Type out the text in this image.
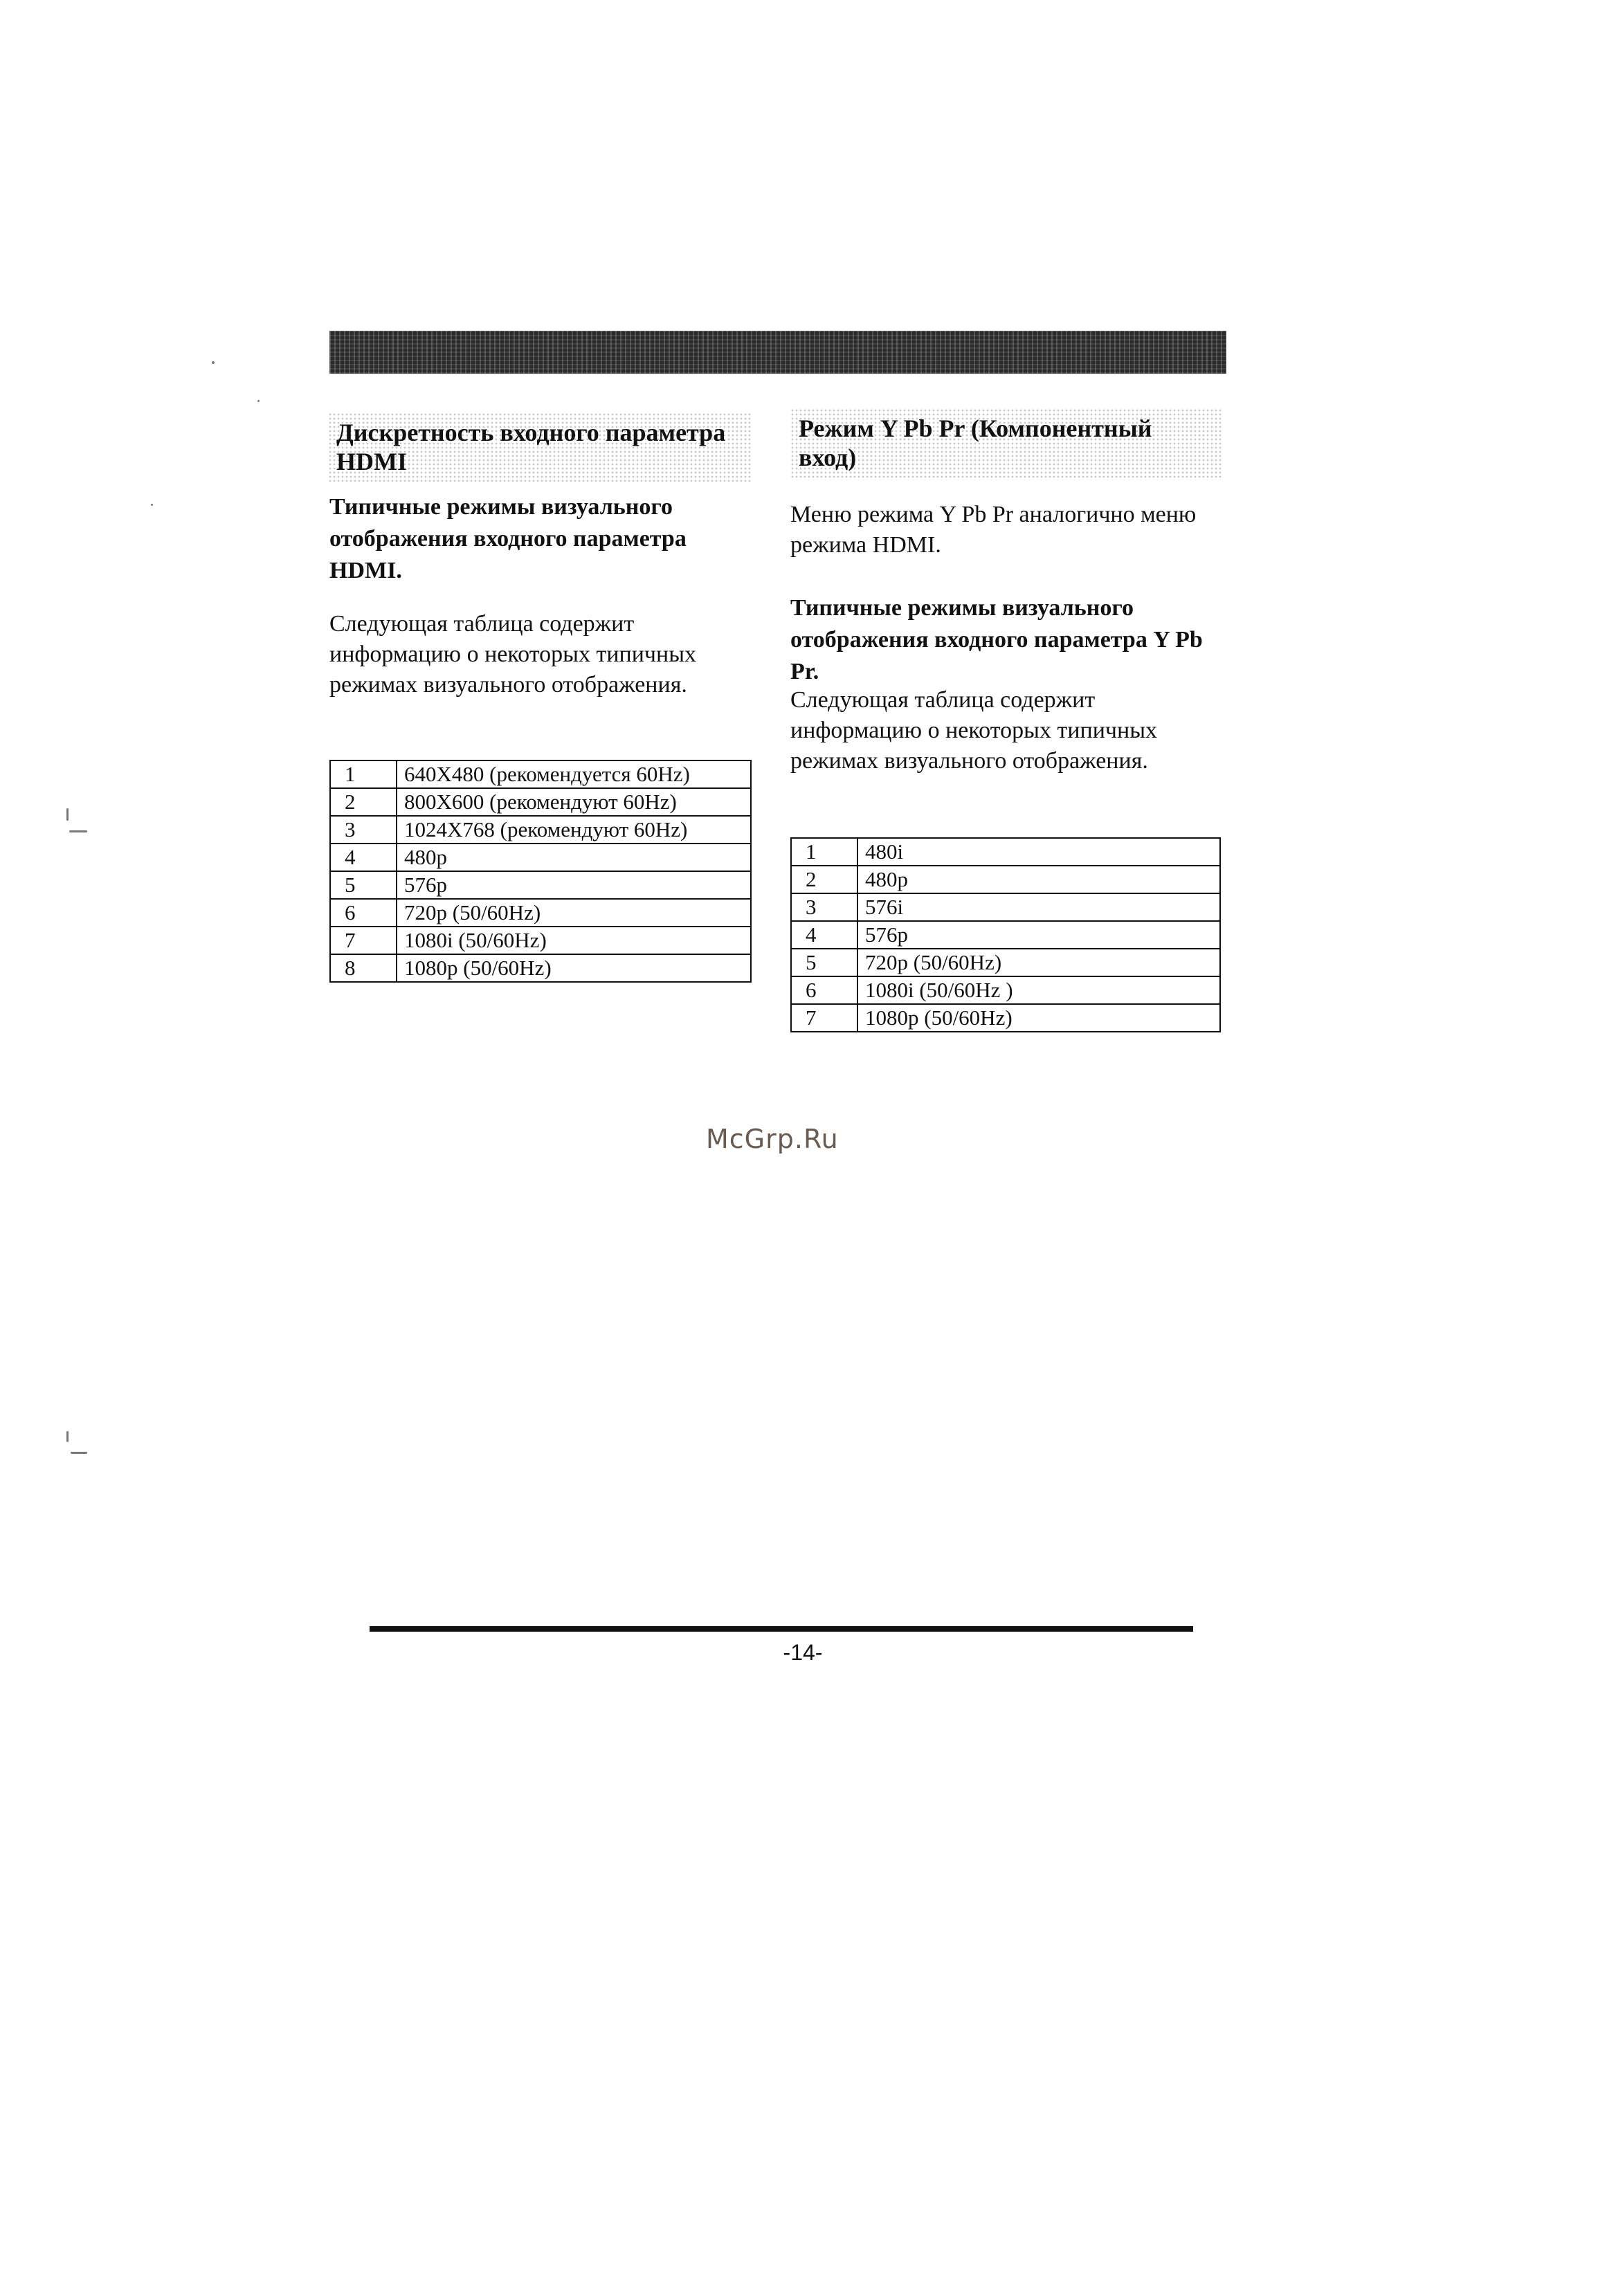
Дискретность входного параметра HDMI
Типичные режимы визуального отображения входного параметра HDMI.
Следующая таблица содержит информацию о некоторых типичных режимах визуального отображения.
1	640X480 (рекомендуется 60Hz)
2	800X600 (рекомендуют 60Hz)
3	1024X768 (рекомендуют 60Hz)
4	480p
5	576p
6	720p (50/60Hz)
7	1080i (50/60Hz)
8	1080p (50/60Hz)
Режим Y Pb Pr (Компонентный вход)
Меню режима Y Pb Pr аналогично меню режима HDMI.
Типичные режимы визуального отображения входного параметра Y Pb Pr.
Следующая таблица содержит информацию о некоторых типичных режимах визуального отображения.
1	480i
2	480p
3	576i
4	576p
5	720p (50/60Hz)
6	1080i (50/60Hz )
7	1080p (50/60Hz)
McGrp.Ru
-14-
